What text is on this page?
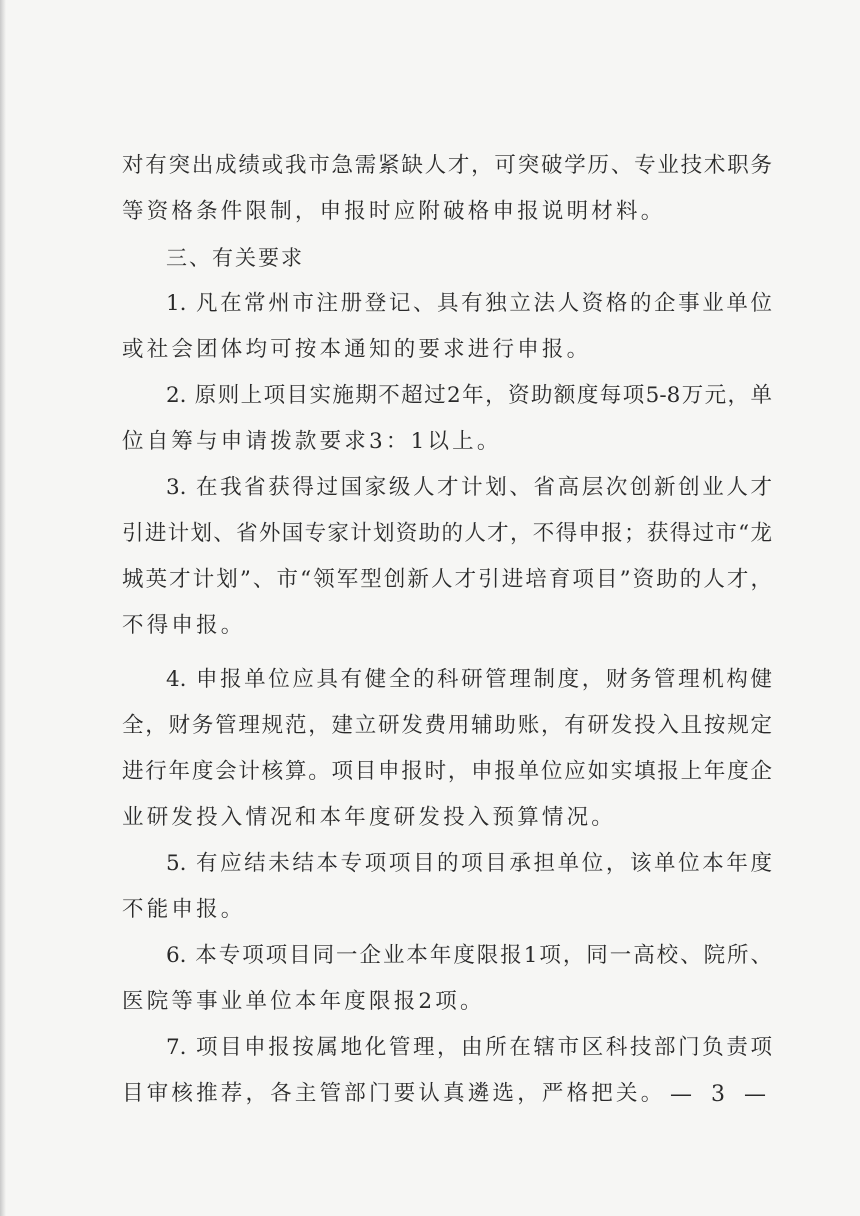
对有突出成绩或我市急需紧缺人才，可突破学历、专业技术职务
等资格条件限制，申报时应附破格申报说明材料。
三、有关要求
1. 凡在常州市注册登记、具有独立法人资格的企事业单位
或社会团体均可按本通知的要求进行申报。
2. 原则上项目实施期不超过2年，资助额度每项5-8万元，单
位自筹与申请拨款要求3：1以上。
3. 在我省获得过国家级人才计划、省高层次创新创业人才
引进计划、省外国专家计划资助的人才，不得申报；获得过市“龙
城英才计划”、市“领军型创新人才引进培育项目”资助的人才，
不得申报。
4. 申报单位应具有健全的科研管理制度，财务管理机构健
全，财务管理规范，建立研发费用辅助账，有研发投入且按规定
进行年度会计核算。项目申报时，申报单位应如实填报上年度企
业研发投入情况和本年度研发投入预算情况。
5. 有应结未结本专项项目的项目承担单位，该单位本年度
不能申报。
6. 本专项项目同一企业本年度限报1项，同一高校、院所、
医院等事业单位本年度限报2项。
7. 项目申报按属地化管理，由所在辖市区科技部门负责项
目审核推荐，各主管部门要认真遴选，严格把关。 — 3 —
